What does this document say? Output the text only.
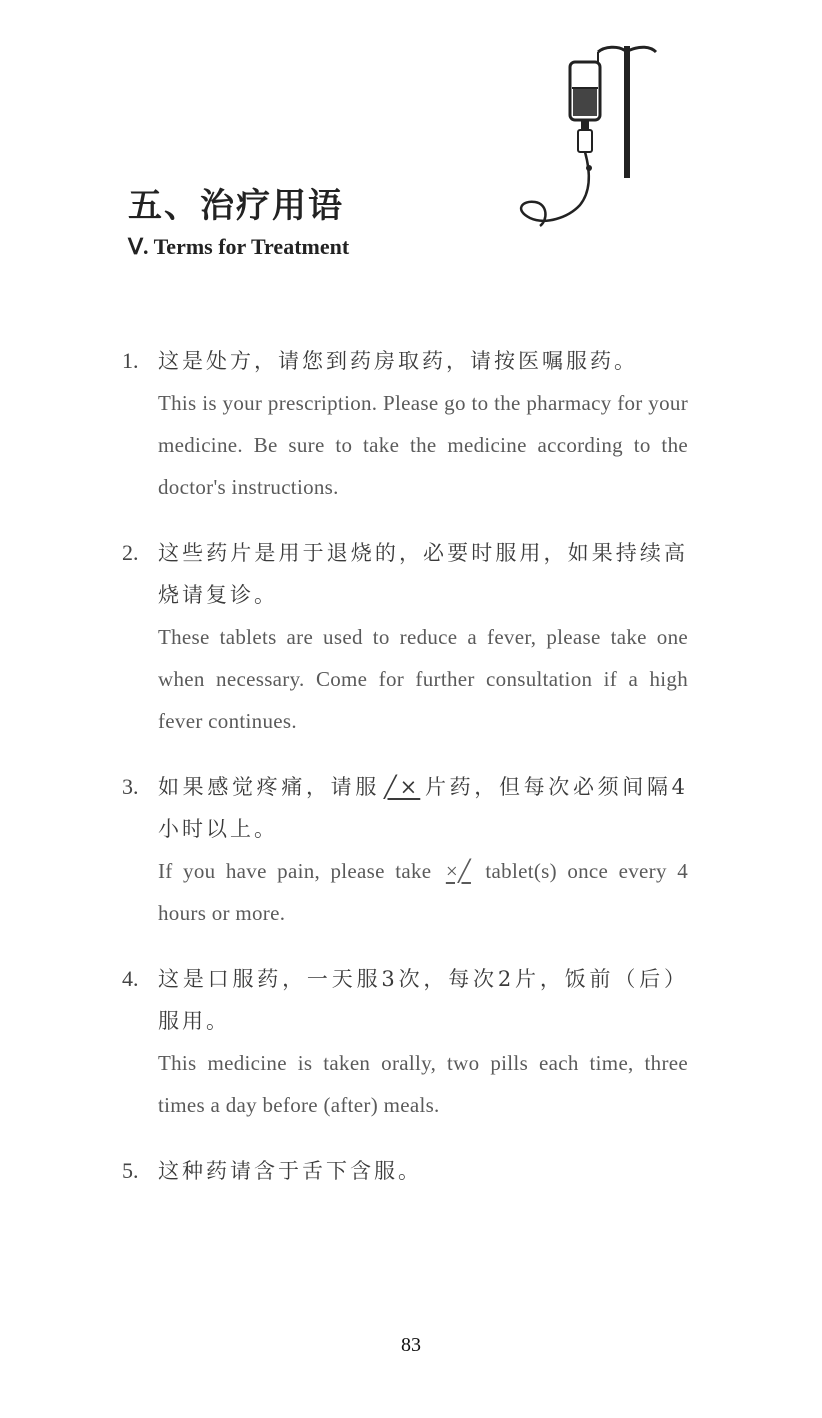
五、治疗用语
Ⅴ. Terms for Treatment
1. 这是处方，请您到药房取药，请按医嘱服药。
This is your prescription. Please go to the pharmacy for your medicine. Be sure to take the medicine according to the doctor's instructions.
2. 这些药片是用于退烧的，必要时服用，如果持续高烧请复诊。
These tablets are used to reduce a fever, please take one when necessary. Come for further consultation if a high fever continues.
3. 如果感觉疼痛，请服 ╱× 片药，但每次必须间隔4小时以上。
If you have pain, please take ×╱ tablet(s) once every 4 hours or more.
4. 这是口服药，一天服3次，每次2片，饭前（后）服用。
This medicine is taken orally, two pills each time, three times a day before (after) meals.
5. 这种药请含于舌下含服。
83
